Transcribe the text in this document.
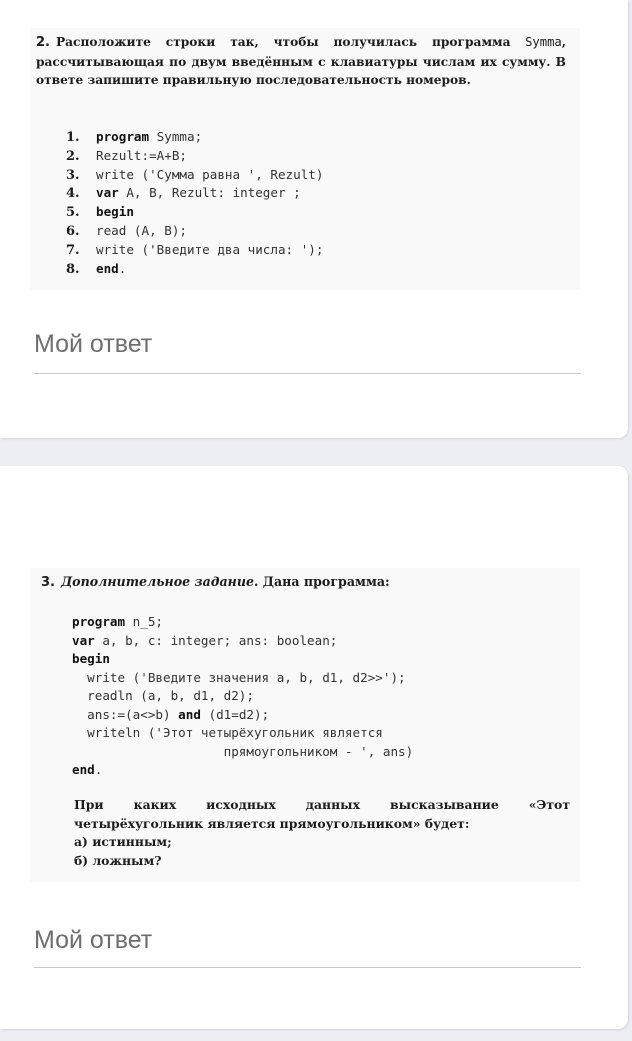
2. Расположите строки так, чтобы получилась программа Symma, рассчитывающая по двум введённым с клавиатуры числам их сумму. В ответе запишите правильную последовательность номеров.
1. program Symma;
2. Rezult:=A+B;
3. write ('Сумма равна ', Rezult)
4. var A, B, Rezult: integer ;
5. begin
6. read (A, B);
7. write ('Введите два числа: ');
8. end.
Мой ответ
3. Дополнительное задание. Дана программа:
program n_5;
var a, b, c: integer; ans: boolean;
begin
write ('Введите значения a, b, d1, d2>>');
readln (a, b, d1, d2);
ans:=(a<>b) and (d1=d2);
writeln ('Этот четырёхугольник является
прямоугольником - ', ans)
end.
При каких исходных данных высказывание «Этот четырёхугольник является прямоугольником» будет:
а) истинным;
б) ложным?
Мой ответ
